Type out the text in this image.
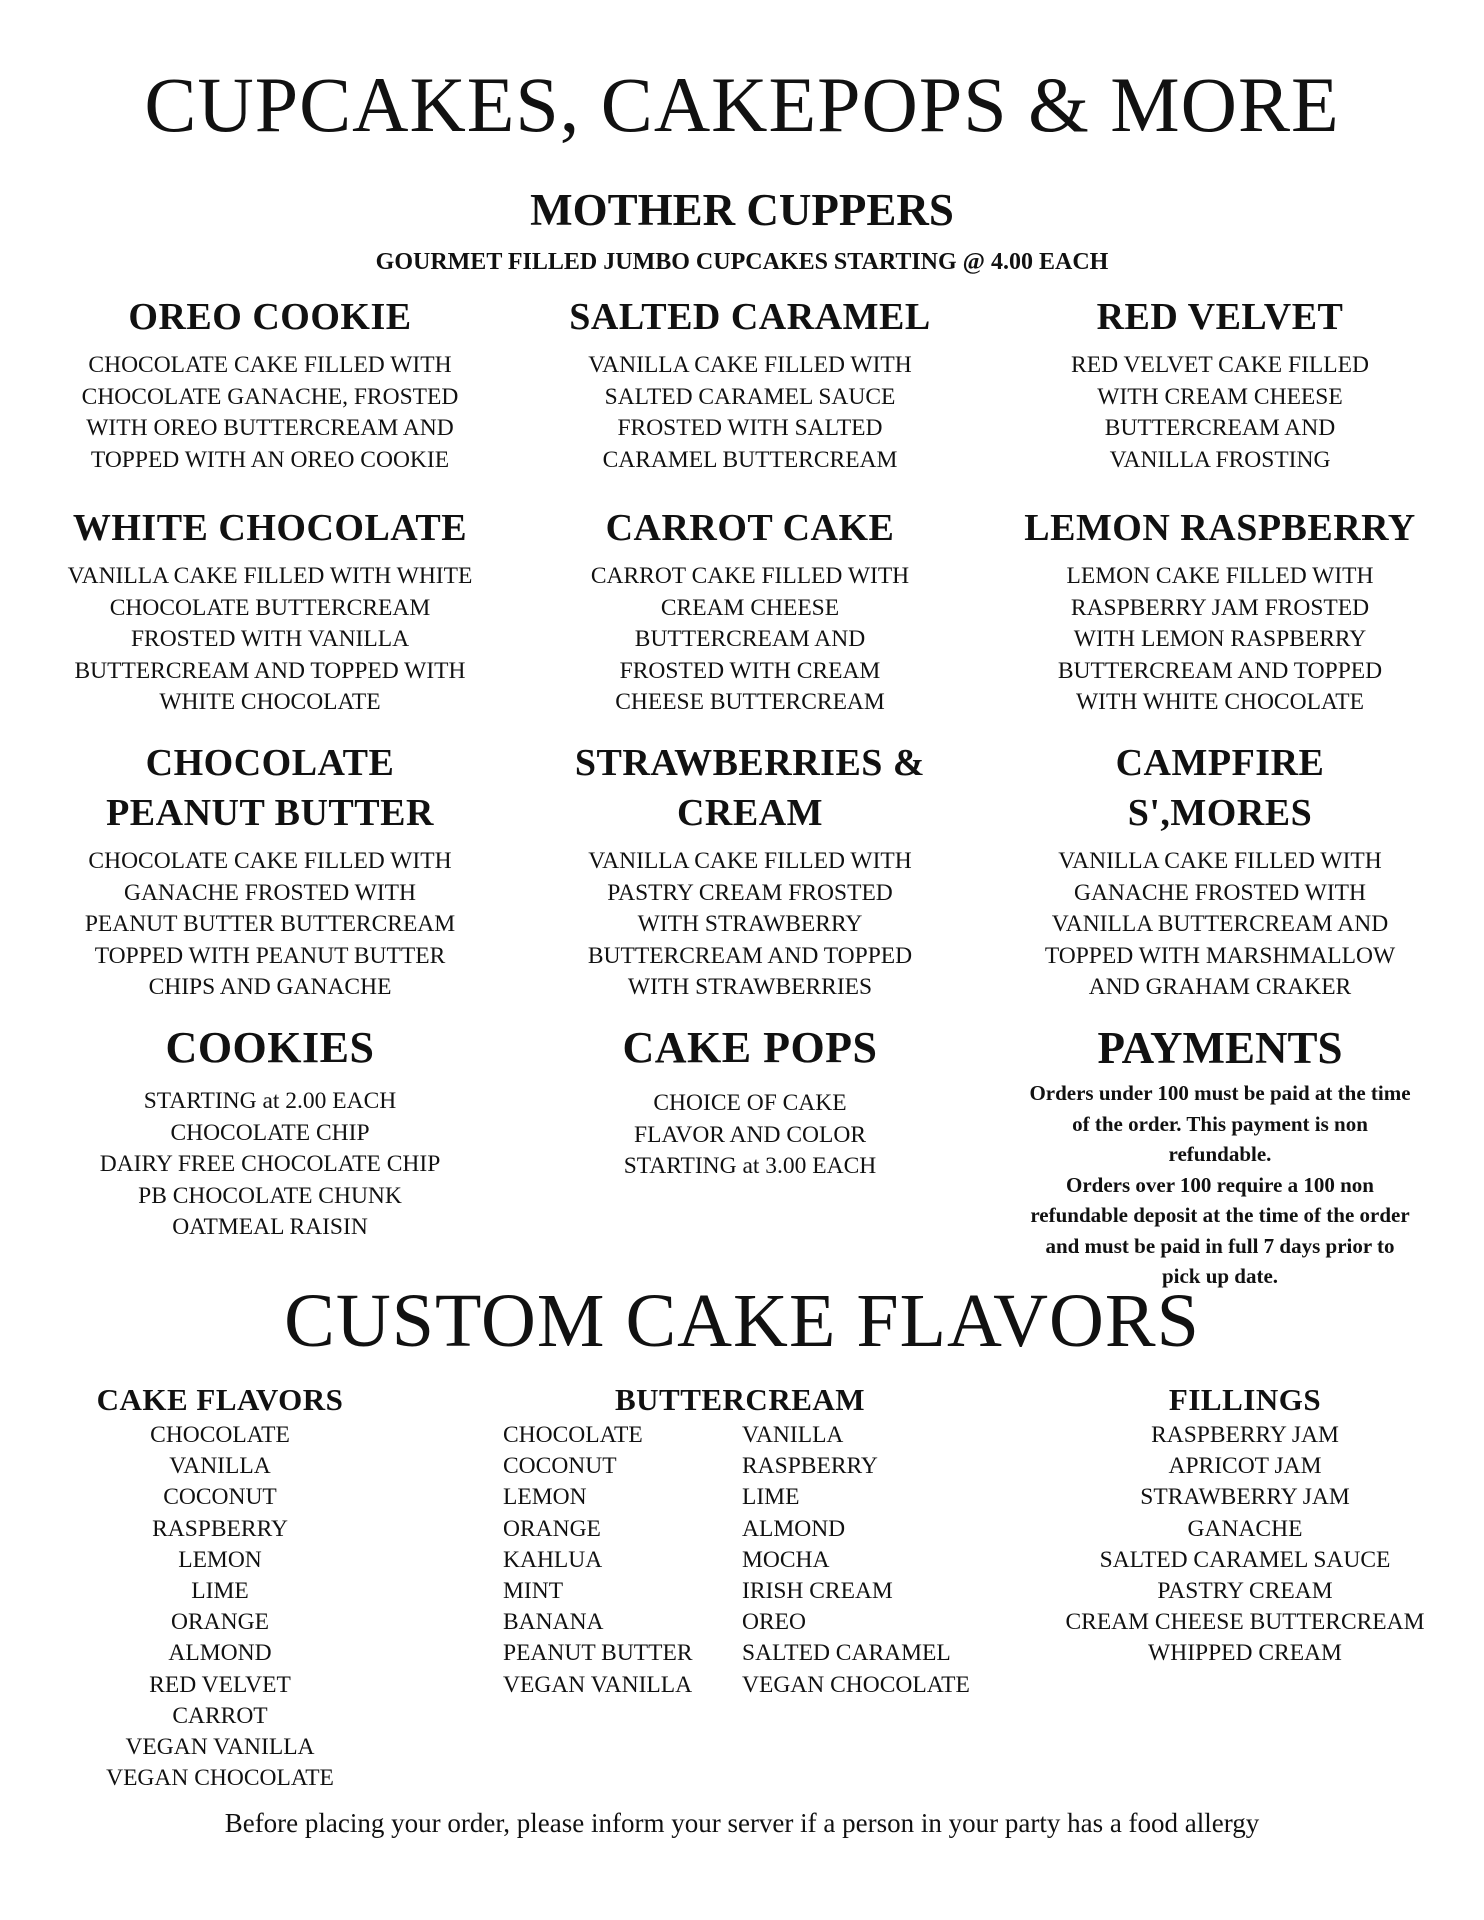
CUPCAKES, CAKEPOPS & MORE
MOTHER CUPPERS
GOURMET FILLED JUMBO CUPCAKES STARTING @ 4.00 EACH
OREO COOKIE
CHOCOLATE CAKE FILLED WITH
CHOCOLATE GANACHE, FROSTED
WITH OREO BUTTERCREAM AND
TOPPED WITH AN OREO COOKIE
SALTED CARAMEL
VANILLA CAKE FILLED WITH
SALTED CARAMEL SAUCE
FROSTED WITH SALTED
CARAMEL BUTTERCREAM
RED VELVET
RED VELVET CAKE FILLED
WITH CREAM CHEESE
BUTTERCREAM AND
VANILLA FROSTING
WHITE CHOCOLATE
VANILLA CAKE FILLED WITH WHITE
CHOCOLATE BUTTERCREAM
FROSTED WITH VANILLA
BUTTERCREAM AND TOPPED WITH
WHITE CHOCOLATE
CARROT CAKE
CARROT CAKE FILLED WITH
CREAM CHEESE
BUTTERCREAM AND
FROSTED WITH CREAM
CHEESE BUTTERCREAM
LEMON RASPBERRY
LEMON CAKE FILLED WITH
RASPBERRY JAM FROSTED
WITH LEMON RASPBERRY
BUTTERCREAM AND TOPPED
WITH WHITE CHOCOLATE
CHOCOLATE
PEANUT BUTTER
CHOCOLATE CAKE FILLED WITH
GANACHE FROSTED WITH
PEANUT BUTTER BUTTERCREAM
TOPPED WITH PEANUT BUTTER
CHIPS AND GANACHE
STRAWBERRIES &
CREAM
VANILLA CAKE FILLED WITH
PASTRY CREAM FROSTED
WITH STRAWBERRY
BUTTERCREAM AND TOPPED
WITH STRAWBERRIES
CAMPFIRE
S',MORES
VANILLA CAKE FILLED WITH
GANACHE FROSTED WITH
VANILLA BUTTERCREAM AND
TOPPED WITH MARSHMALLOW
AND GRAHAM CRAKER
COOKIES
STARTING at 2.00 EACH
CHOCOLATE CHIP
DAIRY FREE CHOCOLATE CHIP
PB CHOCOLATE CHUNK
OATMEAL RAISIN
CAKE POPS
CHOICE OF CAKE
FLAVOR AND COLOR
STARTING at 3.00 EACH
PAYMENTS
Orders under 100 must be paid at the time
of the order. This payment is non
refundable.
Orders over 100 require a 100 non
refundable deposit at the time of the order
and must be paid in full 7 days prior to
pick up date.
CUSTOM CAKE FLAVORS
CAKE FLAVORS
CHOCOLATE
VANILLA
COCONUT
RASPBERRY
LEMON
LIME
ORANGE
ALMOND
RED VELVET
CARROT
VEGAN VANILLA
VEGAN CHOCOLATE
BUTTERCREAM
CHOCOLATE
COCONUT
LEMON
ORANGE
KAHLUA
MINT
BANANA
PEANUT BUTTER
VEGAN VANILLA
VANILLA
RASPBERRY
LIME
ALMOND
MOCHA
IRISH CREAM
OREO
SALTED CARAMEL
VEGAN CHOCOLATE
FILLINGS
RASPBERRY JAM
APRICOT JAM
STRAWBERRY JAM
GANACHE
SALTED CARAMEL SAUCE
PASTRY CREAM
CREAM CHEESE BUTTERCREAM
WHIPPED CREAM
Before placing your order, please inform your server if a person in your party has a food allergy
